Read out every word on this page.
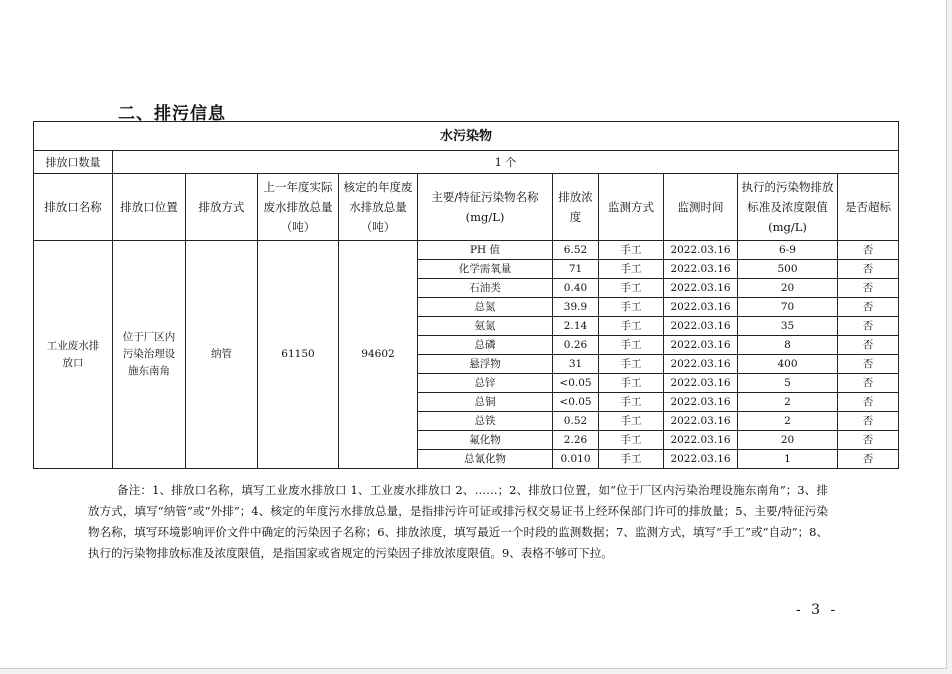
二、排污信息
水污染物										
排放口数量	1 个									
排放口名称	排放口位置	排放方式	上一年度实际废水排放总量（吨）	核定的年度废水排放总量（吨）	主要/特征污染物名称(mg/L)	排放浓度	监测方式	监测时间	执行的污染物排放标准及浓度限值(mg/L)	是否超标
工业废水排放口	位于厂区内污染治理设施东南角	纳管	61150	94602	PH 值	6.52	手工	2022.03.16	6-9	否
					化学需氧量	71	手工	2022.03.16	500	否
					石油类	0.40	手工	2022.03.16	20	否
					总氮	39.9	手工	2022.03.16	70	否
					氨氮	2.14	手工	2022.03.16	35	否
					总磷	0.26	手工	2022.03.16	8	否
					悬浮物	31	手工	2022.03.16	400	否
					总锌	<0.05	手工	2022.03.16	5	否
					总铜	<0.05	手工	2022.03.16	2	否
					总铁	0.52	手工	2022.03.16	2	否
					氟化物	2.26	手工	2022.03.16	20	否
					总氰化物	0.010	手工	2022.03.16	1	否
备注：1、排放口名称，填写工业废水排放口 1、工业废水排放口 2、……；2、排放口位置，如“位于厂区内污染治理设施东南角”；3、排放方式，填写“纳管”或“外排”；4、核定的年度污水排放总量，是指排污许可证或排污权交易证书上经环保部门许可的排放量；5、主要/特征污染物名称，填写环境影响评价文件中确定的污染因子名称；6、排放浓度，填写最近一个时段的监测数据；7、监测方式，填写“手工”或“自动”；8、执行的污染物排放标准及浓度限值，是指国家或省规定的污染因子排放浓度限值。9、表格不够可下拉。
- 3 -
